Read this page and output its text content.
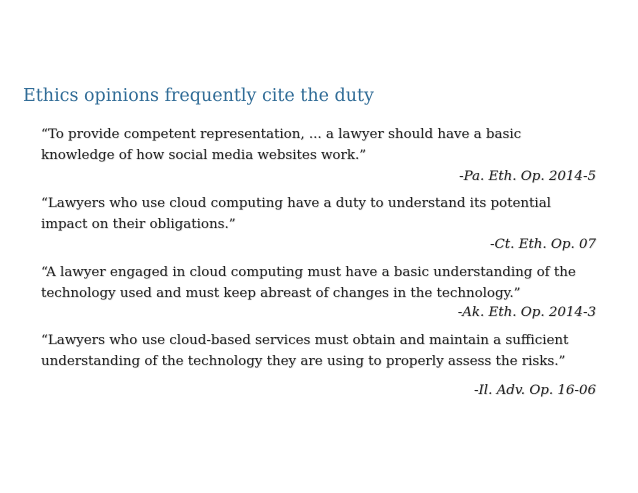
Ethics opinions frequently cite the duty
“To provide competent representation, ... a lawyer should have a basic
knowledge of how social media websites work.”
-Pa. Eth. Op. 2014-5
“Lawyers who use cloud computing have a duty to understand its potential
impact on their obligations.”
-Ct. Eth. Op. 07
“A lawyer engaged in cloud computing must have a basic understanding of the
technology used and must keep abreast of changes in the technology.”
-Ak. Eth. Op. 2014-3
“Lawyers who use cloud-based services must obtain and maintain a sufficient
understanding of the technology they are using to properly assess the risks.”
-Il. Adv. Op. 16-06
